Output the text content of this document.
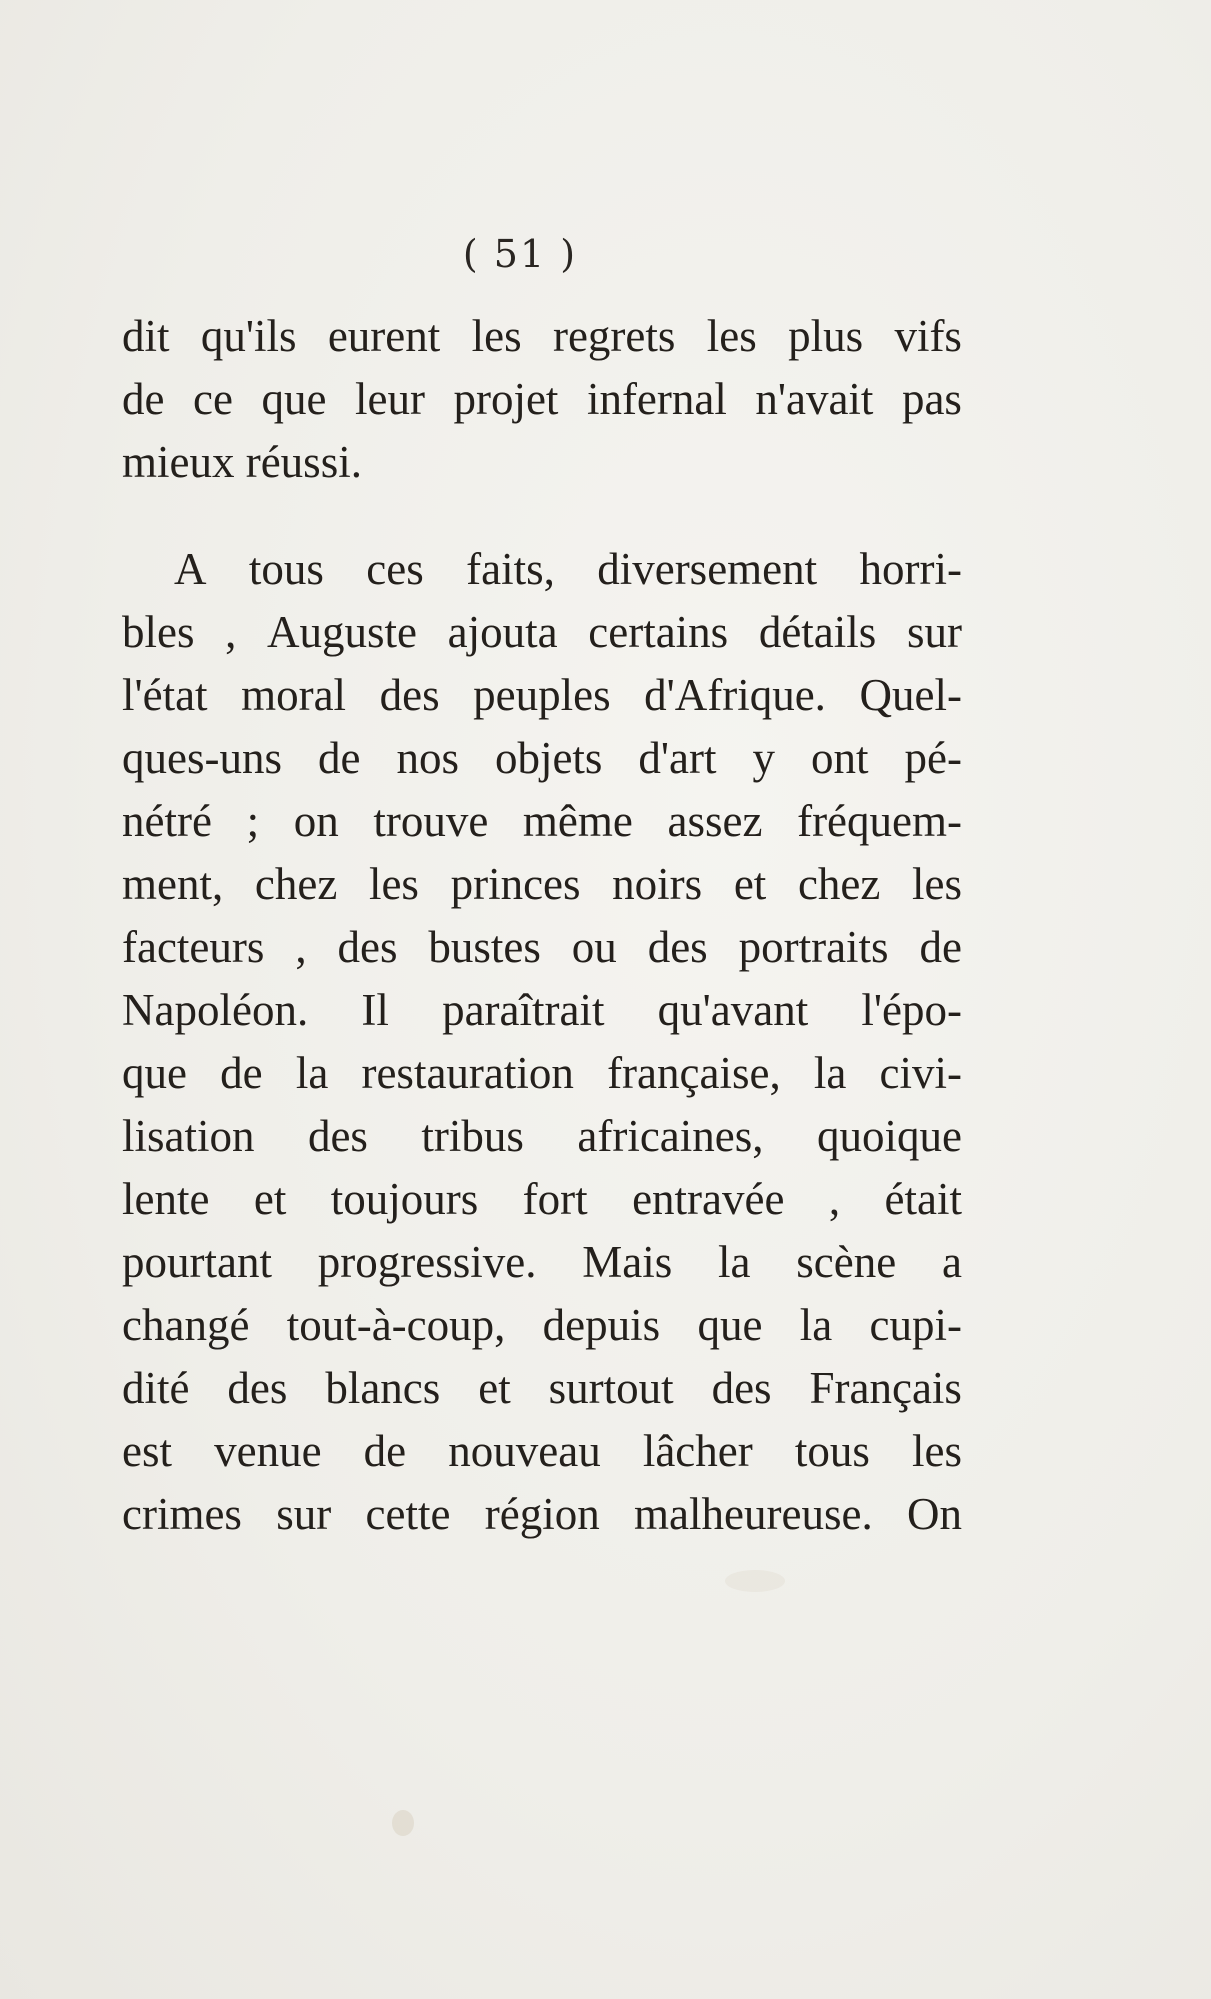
( 51 )
dit qu'ils eurent les regrets les plus vifs
de ce que leur projet infernal n'avait pas
mieux réussi.
A tous ces faits, diversement horri-
bles , Auguste ajouta certains détails sur
l'état moral des peuples d'Afrique. Quel-
ques-uns de nos objets d'art y ont pé-
nétré ; on trouve même assez fréquem-
ment, chez les princes noirs et chez les
facteurs , des bustes ou des portraits de
Napoléon. Il paraîtrait qu'avant l'épo-
que de la restauration française, la civi-
lisation des tribus africaines, quoique
lente et toujours fort entravée , était
pourtant progressive. Mais la scène a
changé tout-à-coup, depuis que la cupi-
dité des blancs et surtout des Français
est venue de nouveau lâcher tous les
crimes sur cette région malheureuse. On
